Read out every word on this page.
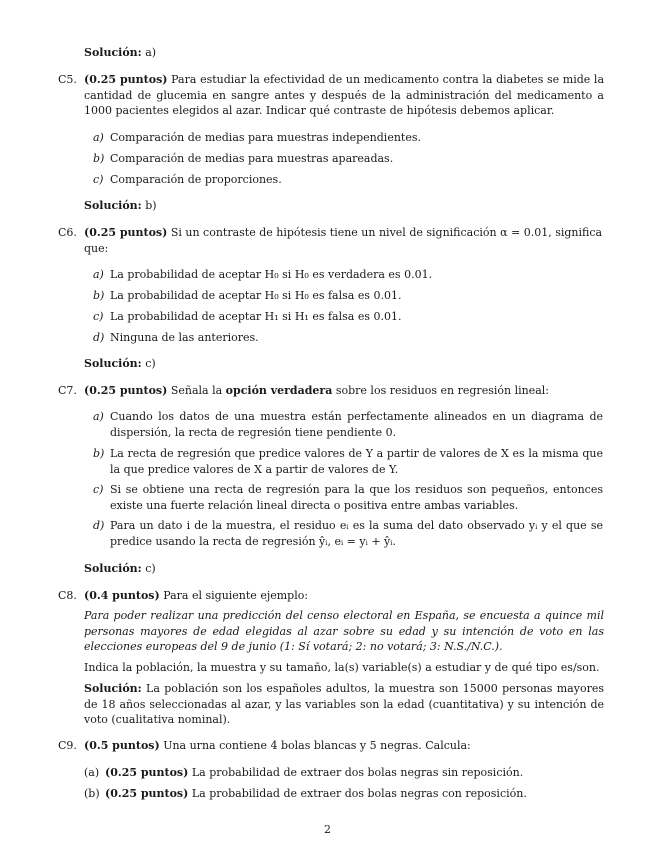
Solución: a)
C5. (0.25 puntos) Para estudiar la efectividad de un medicamento contra la diabetes se mide la cantidad de glucemia en sangre antes y después de la administración del medicamento a 1000 pacientes elegidos al azar. Indicar qué contraste de hipótesis debemos aplicar.
a) Comparación de medias para muestras independientes.
b) Comparación de medias para muestras apareadas.
c) Comparación de proporciones.
Solución: b)
C6. (0.25 puntos) Si un contraste de hipótesis tiene un nivel de significación α = 0.01, significa
que:
a) La probabilidad de aceptar H₀ si H₀ es verdadera es 0.01.
b) La probabilidad de aceptar H₀ si H₀ es falsa es 0.01.
c) La probabilidad de aceptar H₁ si H₁ es falsa es 0.01.
d) Ninguna de las anteriores.
Solución: c)
C7. (0.25 puntos) Señala la opción verdadera sobre los residuos en regresión lineal:
a) Cuando los datos de una muestra están perfectamente alineados en un diagrama de dispersión, la recta de regresión tiene pendiente 0.
b) La recta de regresión que predice valores de Y a partir de valores de X es la misma que la que predice valores de X a partir de valores de Y.
c) Si se obtiene una recta de regresión para la que los residuos son pequeños, entonces existe una fuerte relación lineal directa o positiva entre ambas variables.
d) Para un dato i de la muestra, el residuo eᵢ es la suma del dato observado yᵢ y el que se predice usando la recta de regresión ŷᵢ, eᵢ = yᵢ + ŷᵢ.
Solución: c)
C8. (0.4 puntos) Para el siguiente ejemplo:
Para poder realizar una predicción del censo electoral en España, se encuesta a quince mil personas mayores de edad elegidas al azar sobre su edad y su intención de voto en las elecciones europeas del 9 de junio (1: Sí votará; 2: no votará; 3: N.S./N.C.).
Indica la población, la muestra y su tamaño, la(s) variable(s) a estudiar y de qué tipo es/son.
Solución: La población son los españoles adultos, la muestra son 15000 personas mayores de 18 años seleccionadas al azar, y las variables son la edad (cuantitativa) y su intención de voto (cualitativa nominal).
C9. (0.5 puntos) Una urna contiene 4 bolas blancas y 5 negras. Calcula:
(a) (0.25 puntos) La probabilidad de extraer dos bolas negras sin reposición.
(b) (0.25 puntos) La probabilidad de extraer dos bolas negras con reposición.
2
